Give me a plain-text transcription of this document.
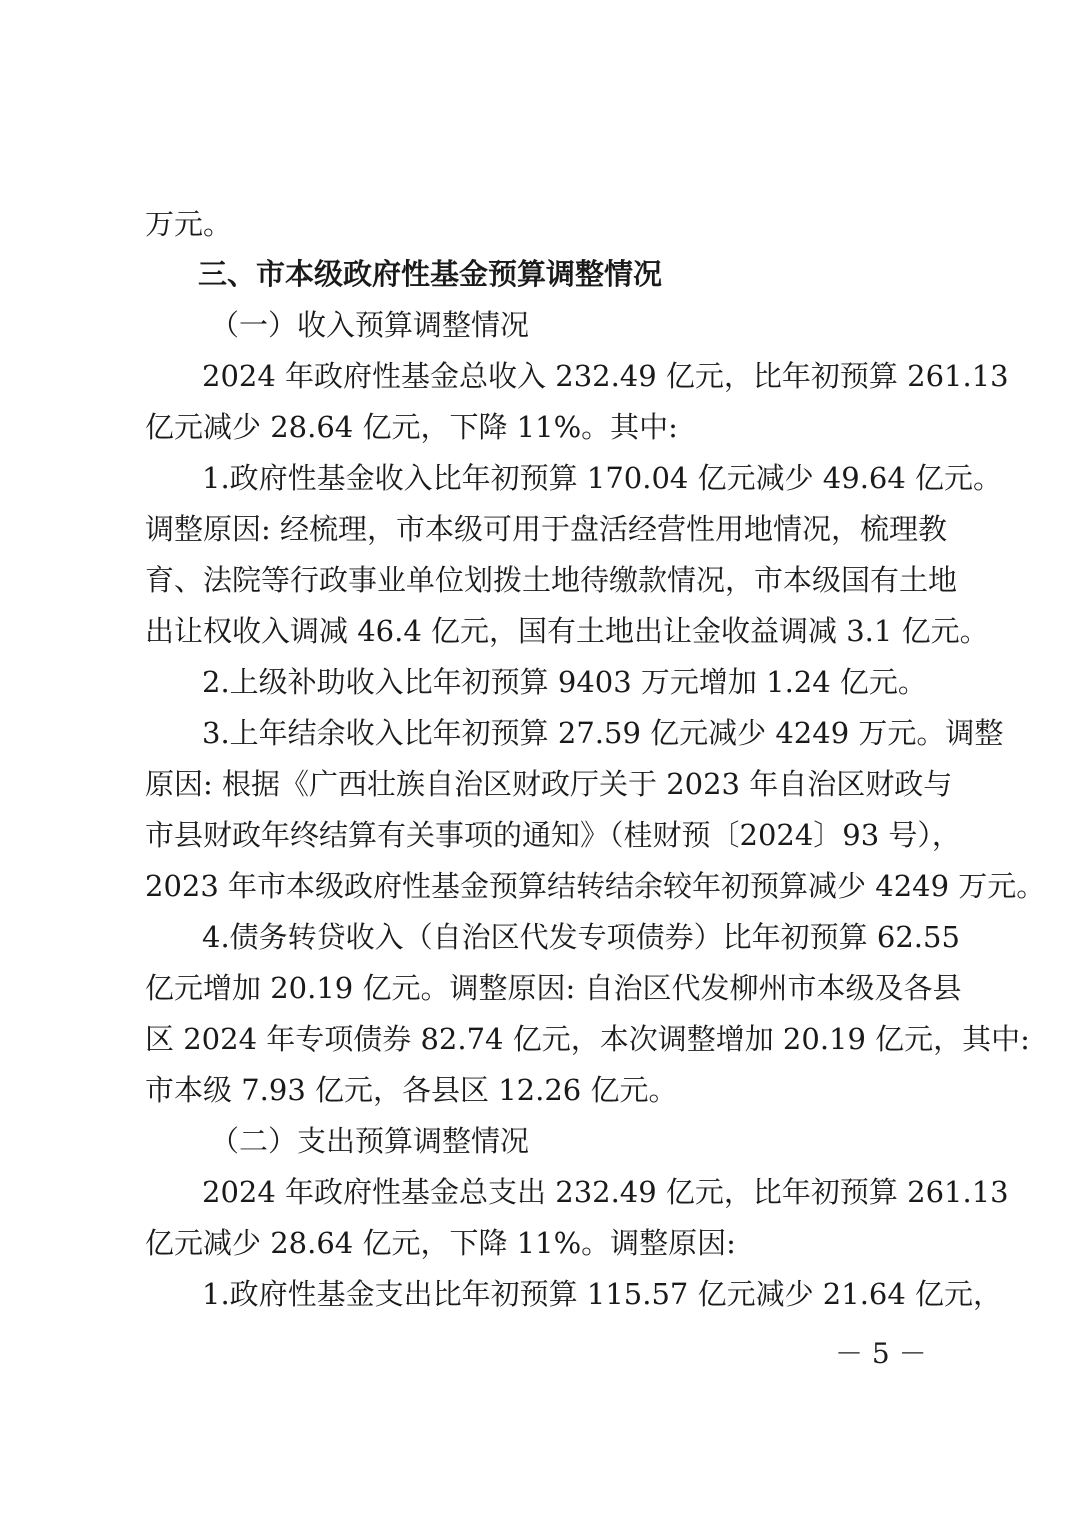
万元。
三、市本级政府性基金预算调整情况
（一）收入预算调整情况
2024 年政府性基金总收入 232.49 亿元，比年初预算 261.13
亿元减少 28.64 亿元，下降 11%。其中:
1.政府性基金收入比年初预算 170.04 亿元减少 49.64 亿元。
调整原因: 经梳理，市本级可用于盘活经营性用地情况，梳理教
育、法院等行政事业单位划拨土地待缴款情况，市本级国有土地
出让权收入调减 46.4 亿元，国有土地出让金收益调减 3.1 亿元。
2.上级补助收入比年初预算 9403 万元增加 1.24 亿元。
3.上年结余收入比年初预算 27.59 亿元减少 4249 万元。调整
原因: 根据《广西壮族自治区财政厅关于 2023 年自治区财政与
市县财政年终结算有关事项的通知》（桂财预〔2024〕93 号），
2023 年市本级政府性基金预算结转结余较年初预算减少 4249 万元。
4.债务转贷收入（自治区代发专项债券）比年初预算 62.55
亿元增加 20.19 亿元。调整原因: 自治区代发柳州市本级及各县
区 2024 年专项债券 82.74 亿元，本次调整增加 20.19 亿元，其中:
市本级 7.93 亿元，各县区 12.26 亿元。
（二）支出预算调整情况
2024 年政府性基金总支出 232.49 亿元，比年初预算 261.13
亿元减少 28.64 亿元，下降 11%。调整原因:
1.政府性基金支出比年初预算 115.57 亿元减少 21.64 亿元，
－ 5 －
